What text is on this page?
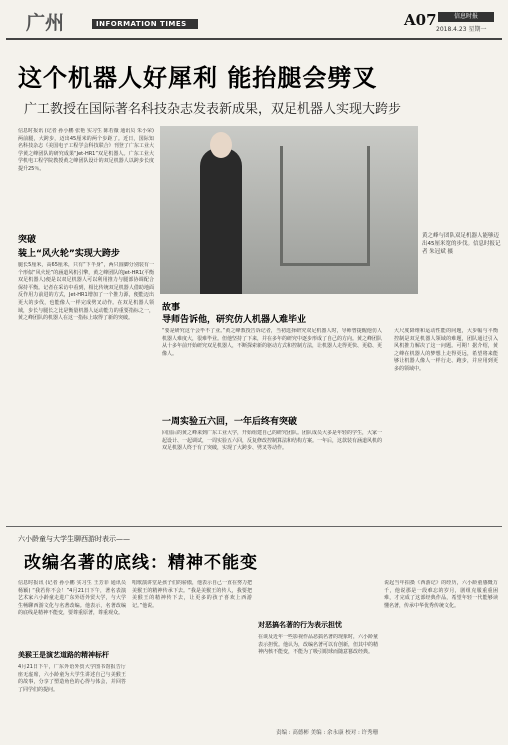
广州	INFORMATION TIMES	A07	信息时报
2018.4.23 星期一
这个机器人好犀利 能抬腿会劈叉
广工教授在国际著名科技杂志发表新成果，双足机器人实现大跨步
信息时报讯 (记者 孙小鹏 张艳 实习生 陈若薇 通讯员 朱小荣) 两前腿，大跨步，迈出45厘米的两个步距了。近日，国际知名科技杂志《美国电子工程学会科技联合》刊登了广东工业大学黄之峰团队的研究成果“Jet-HR1”双足机器人。广东工业大学机电工程学院教授黄之峰团队设计的双足机器人以跨步长度提升25％。
突破
装上“风火轮”实现大跨步
腿长5厘米，高65厘米，只有“下半身”，两只圆脚分别装有一个形似“风火轮”的涵道风机引擎，黄之峰团队的Jet-HR1(平衡双足机器人)便是以双足机器人可以利用推力与腿部协调配合保持平衡。记者在采访中看到，相比传统双足机器人借助地面反作用力前进的方式，Jet-HR1增加了一个推力源，便能迈出更大的步伐，也能像人一样完成劈叉动作。在双足机器人领域，步长与腿长之比是衡量机器人运动能力的重要指标之一，黄之峰团队的机器人在这一指标上取得了新的突破。
黄之峰与团队双足机器人能够迈出45厘米宽的步伐。信息时报记者 朱冠斌 摄
故事
导师告诉他，研究仿人机器人难毕业
“要是研究这个会毕不了业。”黄之峰教授告诉记者，当初选择研究双足机器人时，导师曾提醒他仿人机器人难度大，很难毕业。但他坚持了下来，并在多年的研究中逐步形成了自己的方向。黄之峰团队从十多年前开始研究双足机器人，不断探索新的驱动方式和控制方法，让机器人走得更快、更稳、更像人。
一周实验五六回，一年后终有突破
回国后的黄之峰来到广东工业大学，开始组建自己的研究团队。团队成员大多是年轻的学生，大家一起设计、一起调试，一周实验五六回，反复修改控制算法和结构方案。一年后，这款装有涵道风机的双足机器人终于有了突破，实现了大跨步、劈叉等动作。
大尺度降维和运动性能的问题，大步幅与平衡控制是双足机器人领域的难题，团队通过引入风机推力解决了这一问题。可期！据介绍，黄之峰在机器人的梦想上走得更远，希望将来能够让机器人像人一样行走、跑步，并应用到更多的领域中。
六小龄童与大学生聊西游时表示——
改编名著的底线：精神不能变
信息时报讯 (记者 孙小鹏 实习生 王芳菲 通讯员 杨颖) “我若你不会！”4月21日下午，著名表演艺术家六小龄童走进广东外语外贸大学，与大学生畅聊西游文化与名著改编。他表示，名著改编的底线是精神不能变，要尊重原著，尊重观众。
美猴王是演艺道路的精神标杆
4月21日下午，广东外语外贸大学图书馆报告厅座无虚席，六小龄童为大学生讲述自己与美猴王的故事，分享了塑造角色的心得与体会，并回答了同学们的提问。
唱歌演讲堂是孩子们的骄傲，他表示自己一直在努力把美猴王的精神传承下去。“我是美猴王的传人，我要把美猴王的精神传下去，让更多的孩子喜欢上西游记。”他说。
对恶搞名著的行为表示担忧
在谈及近年一些影视作品恶搞名著的现象时，六小龄童表示担忧。他认为，改编名著可以有创新，但其中的精神内核不能变，不能为了吸引眼球而随意篡改经典。
说起当年拍摄《西游记》的经历，六小龄童感慨万千，他说那是一段难忘的岁月，剧组克服重重困难，才完成了这部经典作品，希望年轻一代能够读懂名著，传承中华优秀传统文化。
责编 : 高德彬 美编 : 余永康 校对 : 许秀珊
